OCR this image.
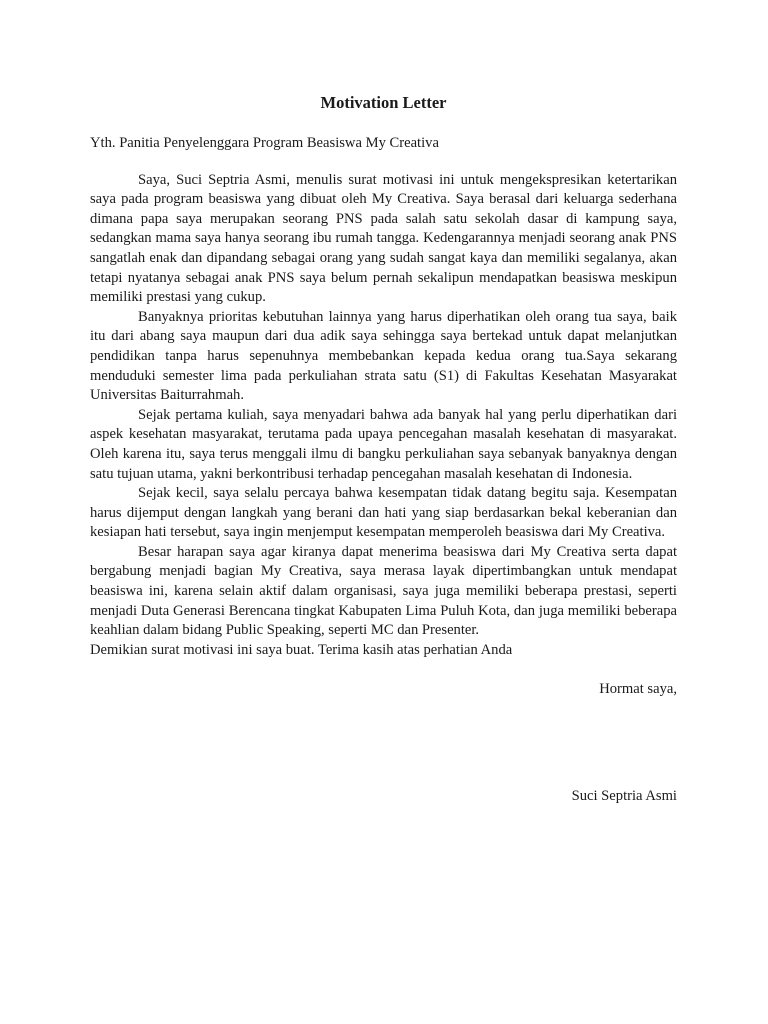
Motivation Letter

Yth. Panitia Penyelenggara Program Beasiswa My Creativa

Saya, Suci Septria Asmi, menulis surat motivasi ini untuk mengekspresikan ketertarikan saya pada program beasiswa yang dibuat oleh My Creativa. Saya berasal dari keluarga sederhana dimana papa saya merupakan seorang PNS pada salah satu sekolah dasar di kampung saya, sedangkan mama saya hanya seorang ibu rumah tangga. Kedengarannya menjadi seorang anak PNS sangatlah enak dan dipandang sebagai orang yang sudah sangat kaya dan memiliki segalanya, akan tetapi nyatanya sebagai anak PNS saya belum pernah sekalipun mendapatkan beasiswa meskipun memiliki prestasi yang cukup.

Banyaknya prioritas kebutuhan lainnya yang harus diperhatikan oleh orang tua saya, baik itu dari abang saya maupun dari dua adik saya sehingga saya bertekad untuk dapat melanjutkan pendidikan tanpa harus sepenuhnya membebankan kepada kedua orang tua.Saya sekarang menduduki semester lima pada perkuliahan strata satu (S1) di Fakultas Kesehatan Masyarakat Universitas Baiturrahmah.

Sejak pertama kuliah, saya menyadari bahwa ada banyak hal yang perlu diperhatikan dari aspek kesehatan masyarakat, terutama pada upaya pencegahan masalah kesehatan di masyarakat. Oleh karena itu, saya terus menggali ilmu di bangku perkuliahan saya sebanyak banyaknya dengan satu tujuan utama, yakni berkontribusi terhadap pencegahan masalah kesehatan di Indonesia.

Sejak kecil, saya selalu percaya bahwa kesempatan tidak datang begitu saja. Kesempatan harus dijemput dengan langkah yang berani dan hati yang siap berdasarkan bekal keberanian dan kesiapan hati tersebut, saya ingin menjemput kesempatan memperoleh beasiswa dari My Creativa.

Besar harapan saya agar kiranya dapat menerima beasiswa dari My Creativa serta dapat bergabung menjadi bagian My Creativa, saya merasa layak dipertimbangkan untuk mendapat beasiswa ini, karena selain aktif dalam organisasi, saya juga memiliki beberapa prestasi, seperti menjadi Duta Generasi Berencana tingkat Kabupaten Lima Puluh Kota, dan juga memiliki beberapa keahlian dalam bidang Public Speaking, seperti MC dan Presenter.

Demikian surat motivasi ini saya buat. Terima kasih atas perhatian Anda

Hormat saya,

Suci Septria Asmi
